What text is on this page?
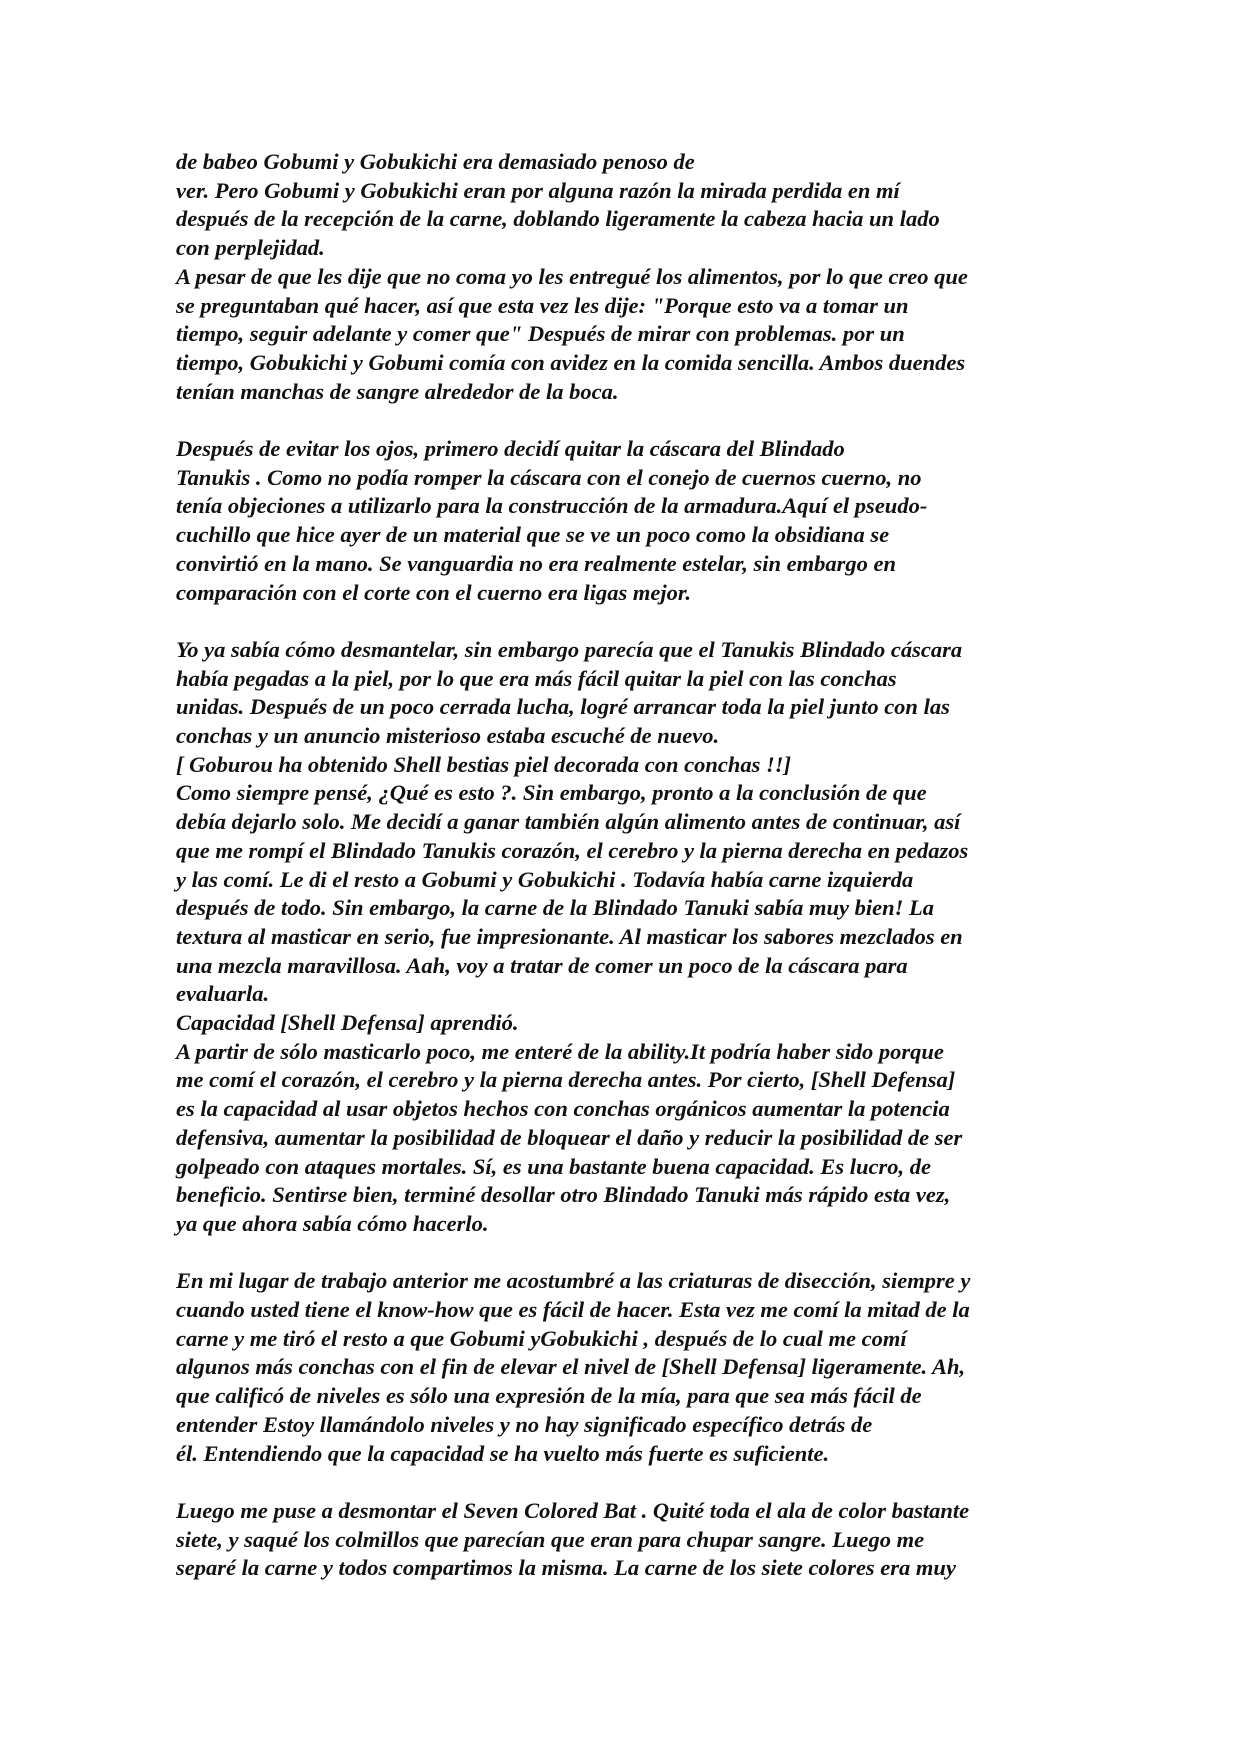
de babeo Gobumi y Gobukichi era demasiado penoso de
ver. Pero Gobumi y Gobukichi eran por alguna razón la mirada perdida en mí
después de la recepción de la carne, doblando ligeramente la cabeza hacia un lado
con perplejidad.
A pesar de que les dije que no coma yo les entregué los alimentos, por lo que creo que
se preguntaban qué hacer, así que esta vez les dije: "Porque esto va a tomar un
tiempo, seguir adelante y comer que" Después de mirar con problemas. por un
tiempo, Gobukichi y Gobumi comía con avidez en la comida sencilla. Ambos duendes
tenían manchas de sangre alrededor de la boca.
Después de evitar los ojos, primero decidí quitar la cáscara del Blindado
Tanukis . Como no podía romper la cáscara con el conejo de cuernos cuerno, no
tenía objeciones a utilizarlo para la construcción de la armadura.Aquí el pseudo-
cuchillo que hice ayer de un material que se ve un poco como la obsidiana se
convirtió en la mano. Se vanguardia no era realmente estelar, sin embargo en
comparación con el corte con el cuerno era ligas mejor.
Yo ya sabía cómo desmantelar, sin embargo parecía que el Tanukis Blindado cáscara
había pegadas a la piel, por lo que era más fácil quitar la piel con las conchas
unidas. Después de un poco cerrada lucha, logré arrancar toda la piel junto con las
conchas y un anuncio misterioso estaba escuché de nuevo.
[ Goburou ha obtenido Shell bestias piel decorada con conchas !!]
Como siempre pensé, ¿Qué es esto ?. Sin embargo, pronto a la conclusión de que
debía dejarlo solo. Me decidí a ganar también algún alimento antes de continuar, así
que me rompí el Blindado Tanukis corazón, el cerebro y la pierna derecha en pedazos
y las comí. Le di el resto a Gobumi y Gobukichi . Todavía había carne izquierda
después de todo. Sin embargo, la carne de la Blindado Tanuki sabía muy bien! La
textura al masticar en serio, fue impresionante. Al masticar los sabores mezclados en
una mezcla maravillosa. Aah, voy a tratar de comer un poco de la cáscara para
evaluarla.
Capacidad [Shell Defensa] aprendió.
A partir de sólo masticarlo poco, me enteré de la ability.It podría haber sido porque
me comí el corazón, el cerebro y la pierna derecha antes. Por cierto, [Shell Defensa]
es la capacidad al usar objetos hechos con conchas orgánicos aumentar la potencia
defensiva, aumentar la posibilidad de bloquear el daño y reducir la posibilidad de ser
golpeado con ataques mortales. Sí, es una bastante buena capacidad. Es lucro, de
beneficio. Sentirse bien, terminé desollar otro Blindado Tanuki más rápido esta vez,
ya que ahora sabía cómo hacerlo.
En mi lugar de trabajo anterior me acostumbré a las criaturas de disección, siempre y
cuando usted tiene el know-how que es fácil de hacer. Esta vez me comí la mitad de la
carne y me tiró el resto a que Gobumi yGobukichi , después de lo cual me comí
algunos más conchas con el fin de elevar el nivel de [Shell Defensa] ligeramente. Ah,
que calificó de niveles es sólo una expresión de la mía, para que sea más fácil de
entender Estoy llamándolo niveles y no hay significado específico detrás de
él. Entendiendo que la capacidad se ha vuelto más fuerte es suficiente.
Luego me puse a desmontar el Seven Colored Bat . Quité toda el ala de color bastante
siete, y saqué los colmillos que parecían que eran para chupar sangre. Luego me
separé la carne y todos compartimos la misma. La carne de los siete colores era muy
